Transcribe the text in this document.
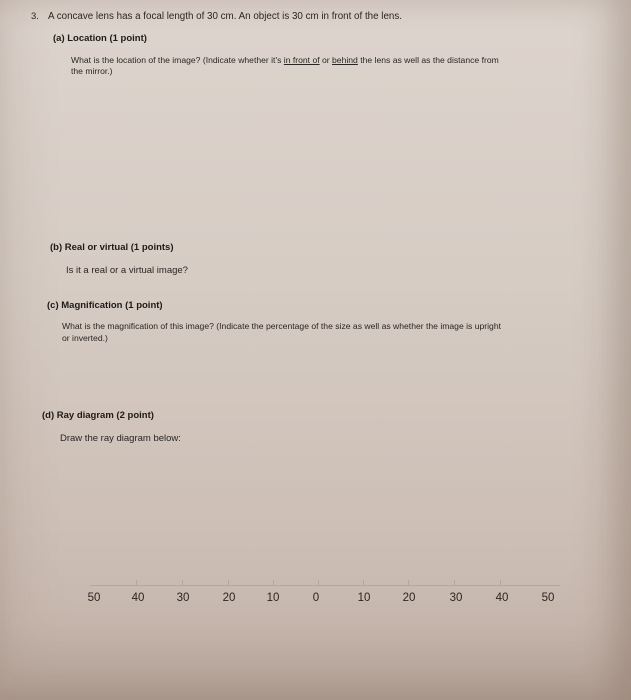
3. A concave lens has a focal length of 30 cm. An object is 30 cm in front of the lens.
(a) Location (1 point)
What is the location of the image? (Indicate whether it's in front of or behind the lens as well as the distance from
the mirror.)
(b) Real or virtual (1 points)
Is it a real or a virtual image?
(c) Magnification (1 point)
What is the magnification of this image? (Indicate the percentage of the size as well as whether the image is upright
or inverted.)
(d) Ray diagram (2 point)
Draw the ray diagram below:
50	40	30	20	10	0	10	20	30	40	50
